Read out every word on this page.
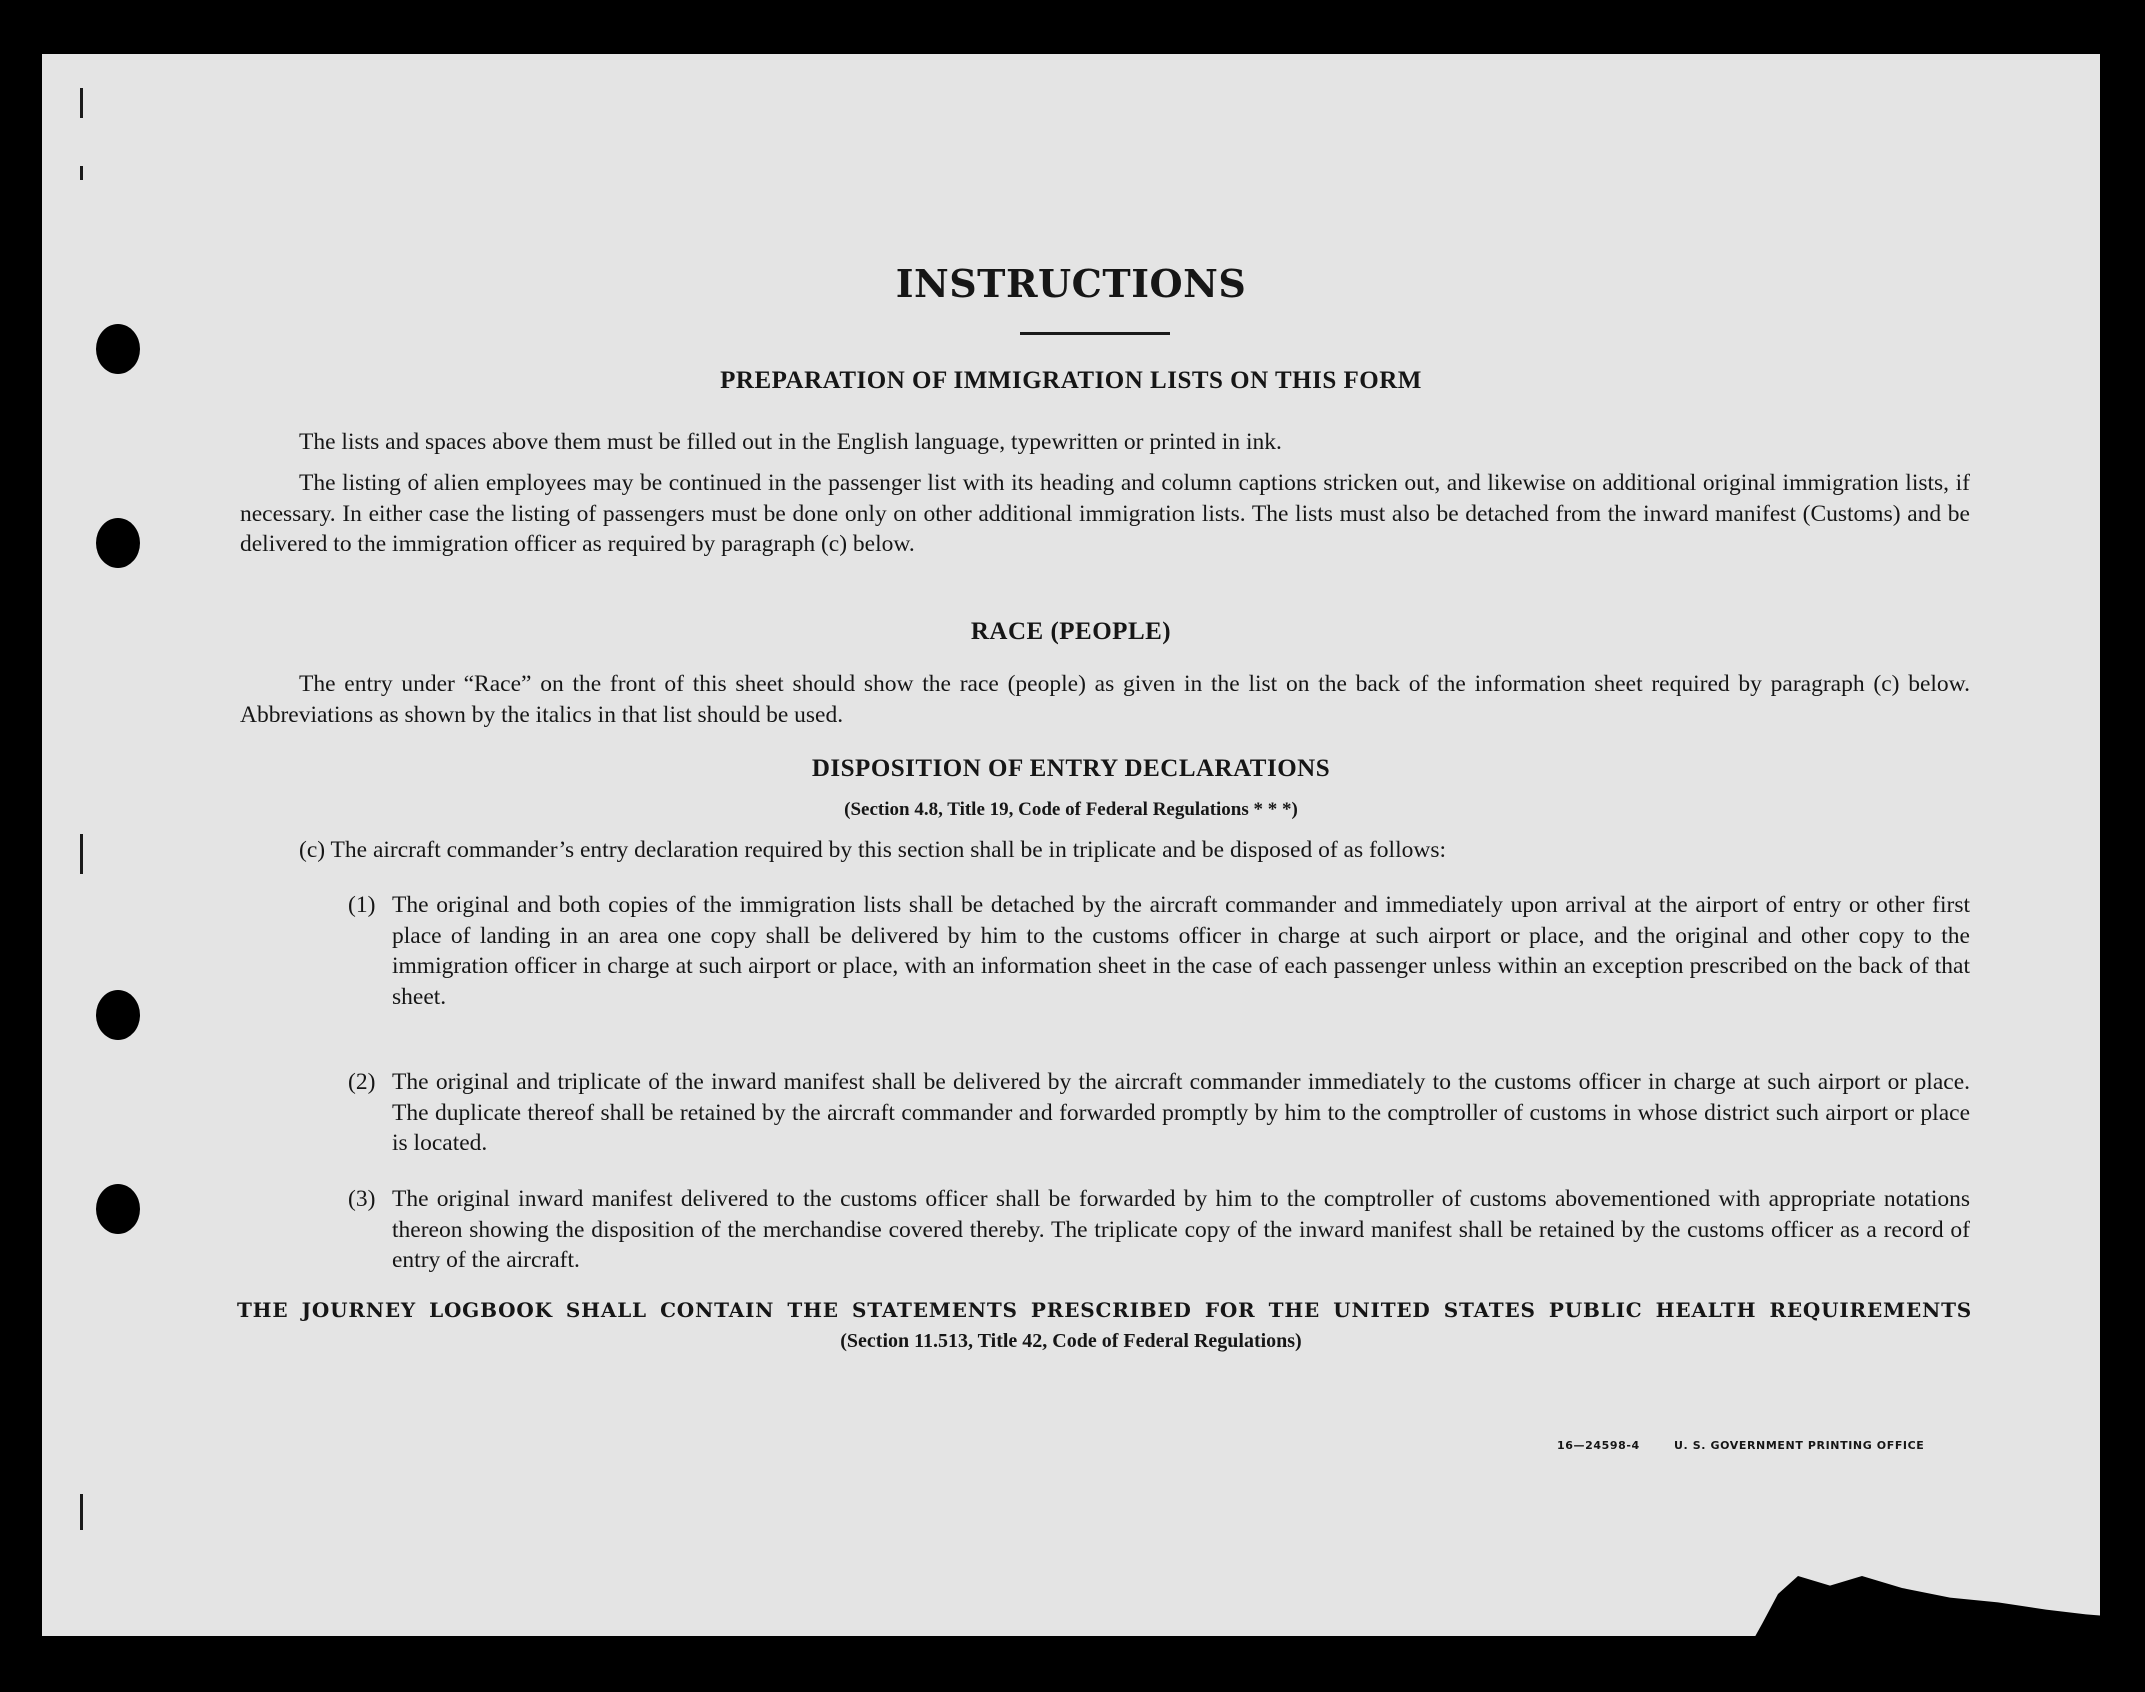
INSTRUCTIONS
PREPARATION OF IMMIGRATION LISTS ON THIS FORM
The lists and spaces above them must be filled out in the English language, typewritten or printed in ink.
The listing of alien employees may be continued in the passenger list with its heading and column captions stricken out, and likewise on additional original immigration lists, if necessary. In either case the listing of passengers must be done only on other additional immigration lists. The lists must also be detached from the inward manifest (Customs) and be delivered to the immigration officer as required by paragraph (c) below.
RACE (PEOPLE)
The entry under “Race” on the front of this sheet should show the race (people) as given in the list on the back of the information sheet required by paragraph (c) below. Abbreviations as shown by the italics in that list should be used.
DISPOSITION OF ENTRY DECLARATIONS
(Section 4.8, Title 19, Code of Federal Regulations * * *)
(c) The aircraft commander’s entry declaration required by this section shall be in triplicate and be disposed of as follows:
(1) The original and both copies of the immigration lists shall be detached by the aircraft commander and immediately upon arrival at the airport of entry or other first place of landing in an area one copy shall be delivered by him to the customs officer in charge at such airport or place, and the original and other copy to the immigration officer in charge at such airport or place, with an information sheet in the case of each passenger unless within an exception prescribed on the back of that sheet.

(2) The original and triplicate of the inward manifest shall be delivered by the aircraft commander immediately to the customs officer in charge at such airport or place. The duplicate thereof shall be retained by the aircraft commander and forwarded promptly by him to the comptroller of customs in whose district such airport or place is located.

(3) The original inward manifest delivered to the customs officer shall be forwarded by him to the comptroller of customs abovementioned with appropriate notations thereon showing the disposition of the merchandise covered thereby. The triplicate copy of the inward manifest shall be retained by the customs officer as a record of entry of the aircraft.

THE JOURNEY LOGBOOK SHALL CONTAIN THE STATEMENTS PRESCRIBED FOR THE UNITED STATES PUBLIC HEALTH REQUIREMENTS
(Section 11.513, Title 42, Code of Federal Regulations)
16—24598-4	U. S. GOVERNMENT PRINTING OFFICE
